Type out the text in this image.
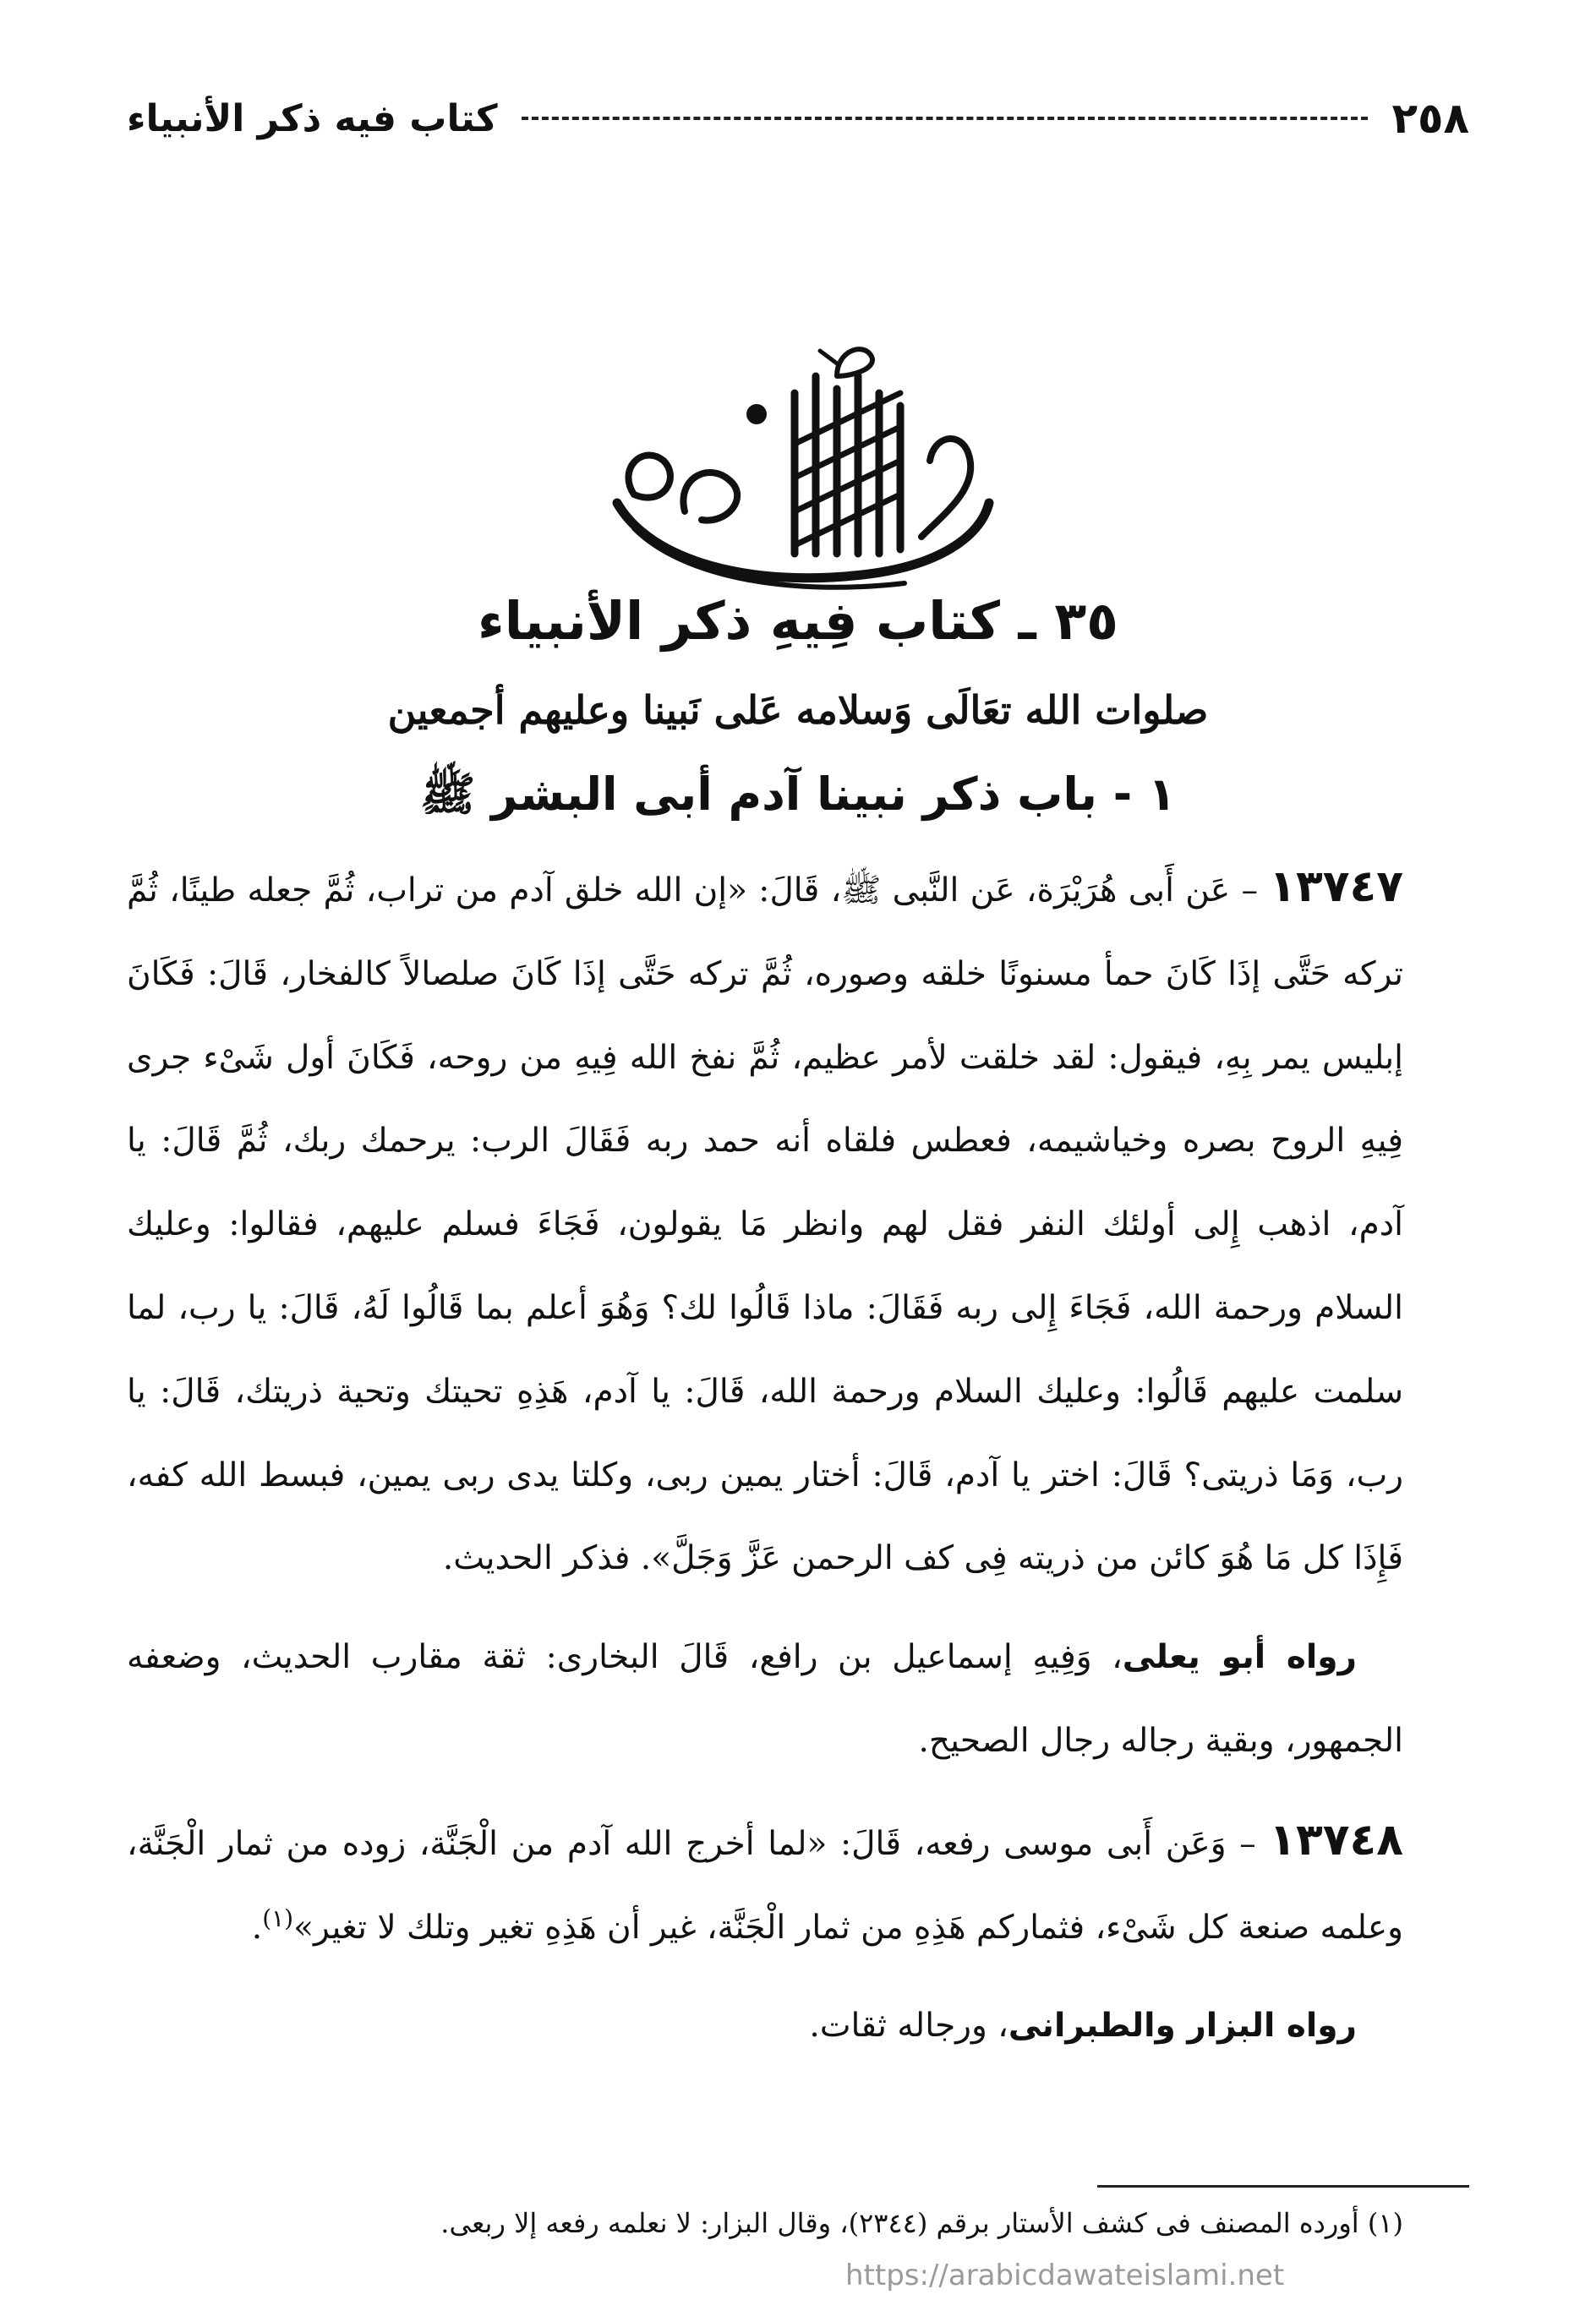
٢٥٨
كتاب فيه ذكر الأنبياء
٣٥ ـ كتاب فِيهِ ذكر الأنبياء
صلوات الله تعَالَى وَسلامه عَلى نَبينا وعليهم أجمعين
١ - باب ذكر نبينا آدم أبى البشر ﷺ

١٣٧٤٧ – عَن أَبى هُرَيْرَة، عَن النَّبى ﷺ، قَالَ: «إن الله خلق آدم من تراب، ثُمَّ جعله طينًا، ثُمَّ تركه حَتَّى إذَا كَانَ حمأ مسنونًا خلقه وصوره، ثُمَّ تركه حَتَّى إذَا كَانَ صلصالاً كالفخار، قَالَ: فَكَانَ إبليس يمر بِهِ، فيقول: لقد خلقت لأمر عظيم، ثُمَّ نفخ الله فِيهِ من روحه، فَكَانَ أول شَىْء جرى فِيهِ الروح بصره وخياشيمه، فعطس فلقاه أنه حمد ربه فَقَالَ الرب: يرحمك ربك، ثُمَّ قَالَ: يا آدم، اذهب إِلى أولئك النفر فقل لهم وانظر مَا يقولون، فَجَاءَ فسلم عليهم، فقالوا: وعليك السلام ورحمة الله، فَجَاءَ إِلى ربه فَقَالَ: ماذا قَالُوا لك؟ وَهُوَ أعلم بما قَالُوا لَهُ، قَالَ: يا رب، لما سلمت عليهم قَالُوا: وعليك السلام ورحمة الله، قَالَ: يا آدم، هَذِهِ تحيتك وتحية ذريتك، قَالَ: يا رب، وَمَا ذريتى؟ قَالَ: اختر يا آدم، قَالَ: أختار يمين ربى، وكلتا يدى ربى يمين، فبسط الله كفه، فَإِذَا كل مَا هُوَ كائن من ذريته فِى كف الرحمن عَزَّ وَجَلَّ». فذكر الحديث.

رواه أبو يعلى، وَفِيهِ إسماعيل بن رافع، قَالَ البخارى: ثقة مقارب الحديث، وضعفه الجمهور، وبقية رجاله رجال الصحيح.

١٣٧٤٨ – وَعَن أَبى موسى رفعه، قَالَ: «لما أخرج الله آدم من الْجَنَّة، زوده من ثمار الْجَنَّة، وعلمه صنعة كل شَىْء، فثماركم هَذِهِ من ثمار الْجَنَّة، غير أن هَذِهِ تغير وتلك لا تغير»$^{(١)}$.

رواه البزار والطبرانى، ورجاله ثقات.

(١) أورده المصنف فى كشف الأستار برقم (٢٣٤٤)، وقال البزار: لا نعلمه رفعه إلا ربعى.
https://arabicdawateislami.net
